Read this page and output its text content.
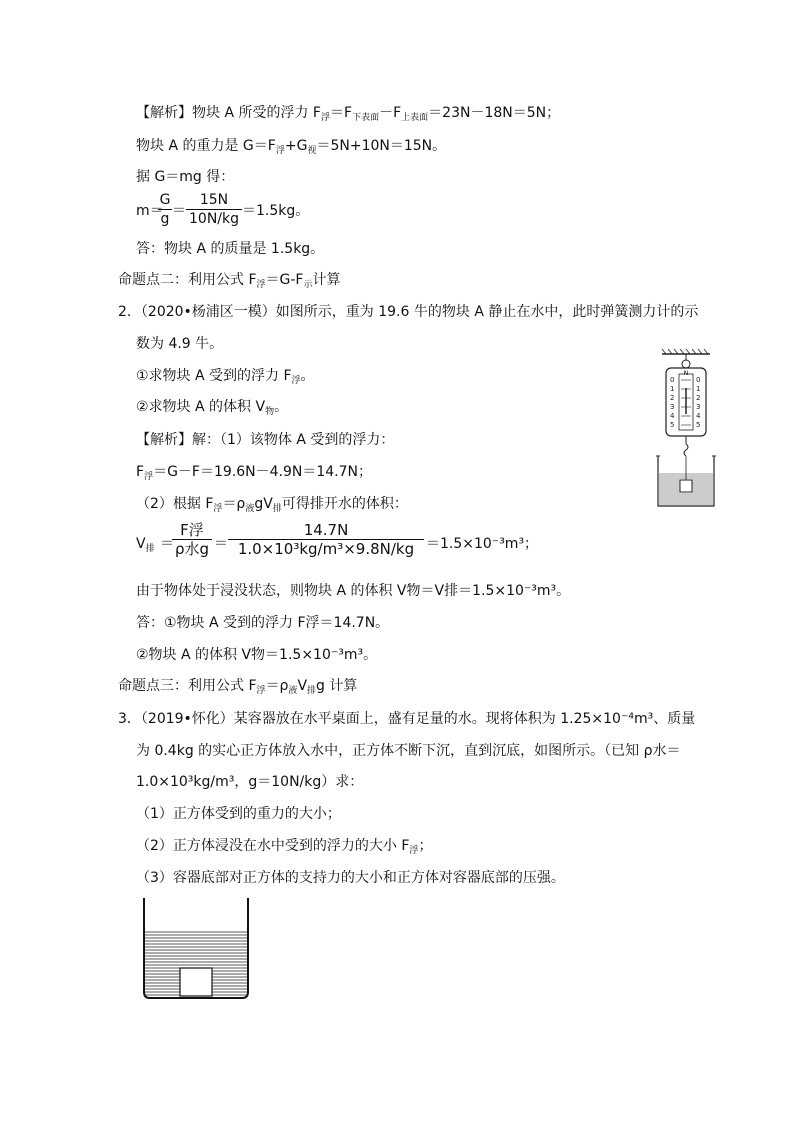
【解析】物块 A 所受的浮力 $F_浮=F_{下表面}-F_{上表面}=23N-18N=5N$；
物块 A 的重力是 $G=F_浮+G_视=5N+10N=15N$。
据 G＝mg 得：
m＝
G
g ＝
15N
10N/kg ＝1.5kg。
答：物块 A 的质量是 1.5kg。
命题点二：利用公式 $F_浮=G-F_示$计算
2．（2020•杨浦区一模）如图所示，重为 19.6 牛的物块 A 静止在水中，此时弹簧测力计的示
数为 4.9 牛。
①求物块 A 受到的浮力 $F_浮$。
②求物块 A 的体积 $V_物$。
【解析】解：（1）该物体 A 受到的浮力：
$F_浮=G-F=19.6N-4.9N=14.7N$；
（2）根据 $F_浮=\rho_液gV_排$可得排开水的体积：
$V_排$ ＝
F浮
ρ水g ＝
14.7N
1.0×10³kg/m³×9.8N/kg ＝1.5×10⁻³m³；
由于物体处于浸没状态，则物块 A 的体积 V物＝V排＝1.5×10⁻³m³。
答：①物块 A 受到的浮力 F浮＝14.7N。
②物块 A 的体积 V物＝1.5×10⁻³m³。
命题点三：利用公式 $F_浮=\rho_液V_排g$ 计算
3．（2019•怀化）某容器放在水平桌面上，盛有足量的水。现将体积为 1.25×10⁻⁴m³、质量
为 0.4kg 的实心正方体放入水中，正方体不断下沉，直到沉底，如图所示。（已知 ρ水＝
1.0×10³kg/m³，g＝10N/kg）求：
（1）正方体受到的重力的大小；
（2）正方体浸没在水中受到的浮力的大小 $F_浮$；
（3）容器底部对正方体的支持力的大小和正方体对容器底部的压强。
N
0
1
2
3
4
5
0
1
2
3
4
5
